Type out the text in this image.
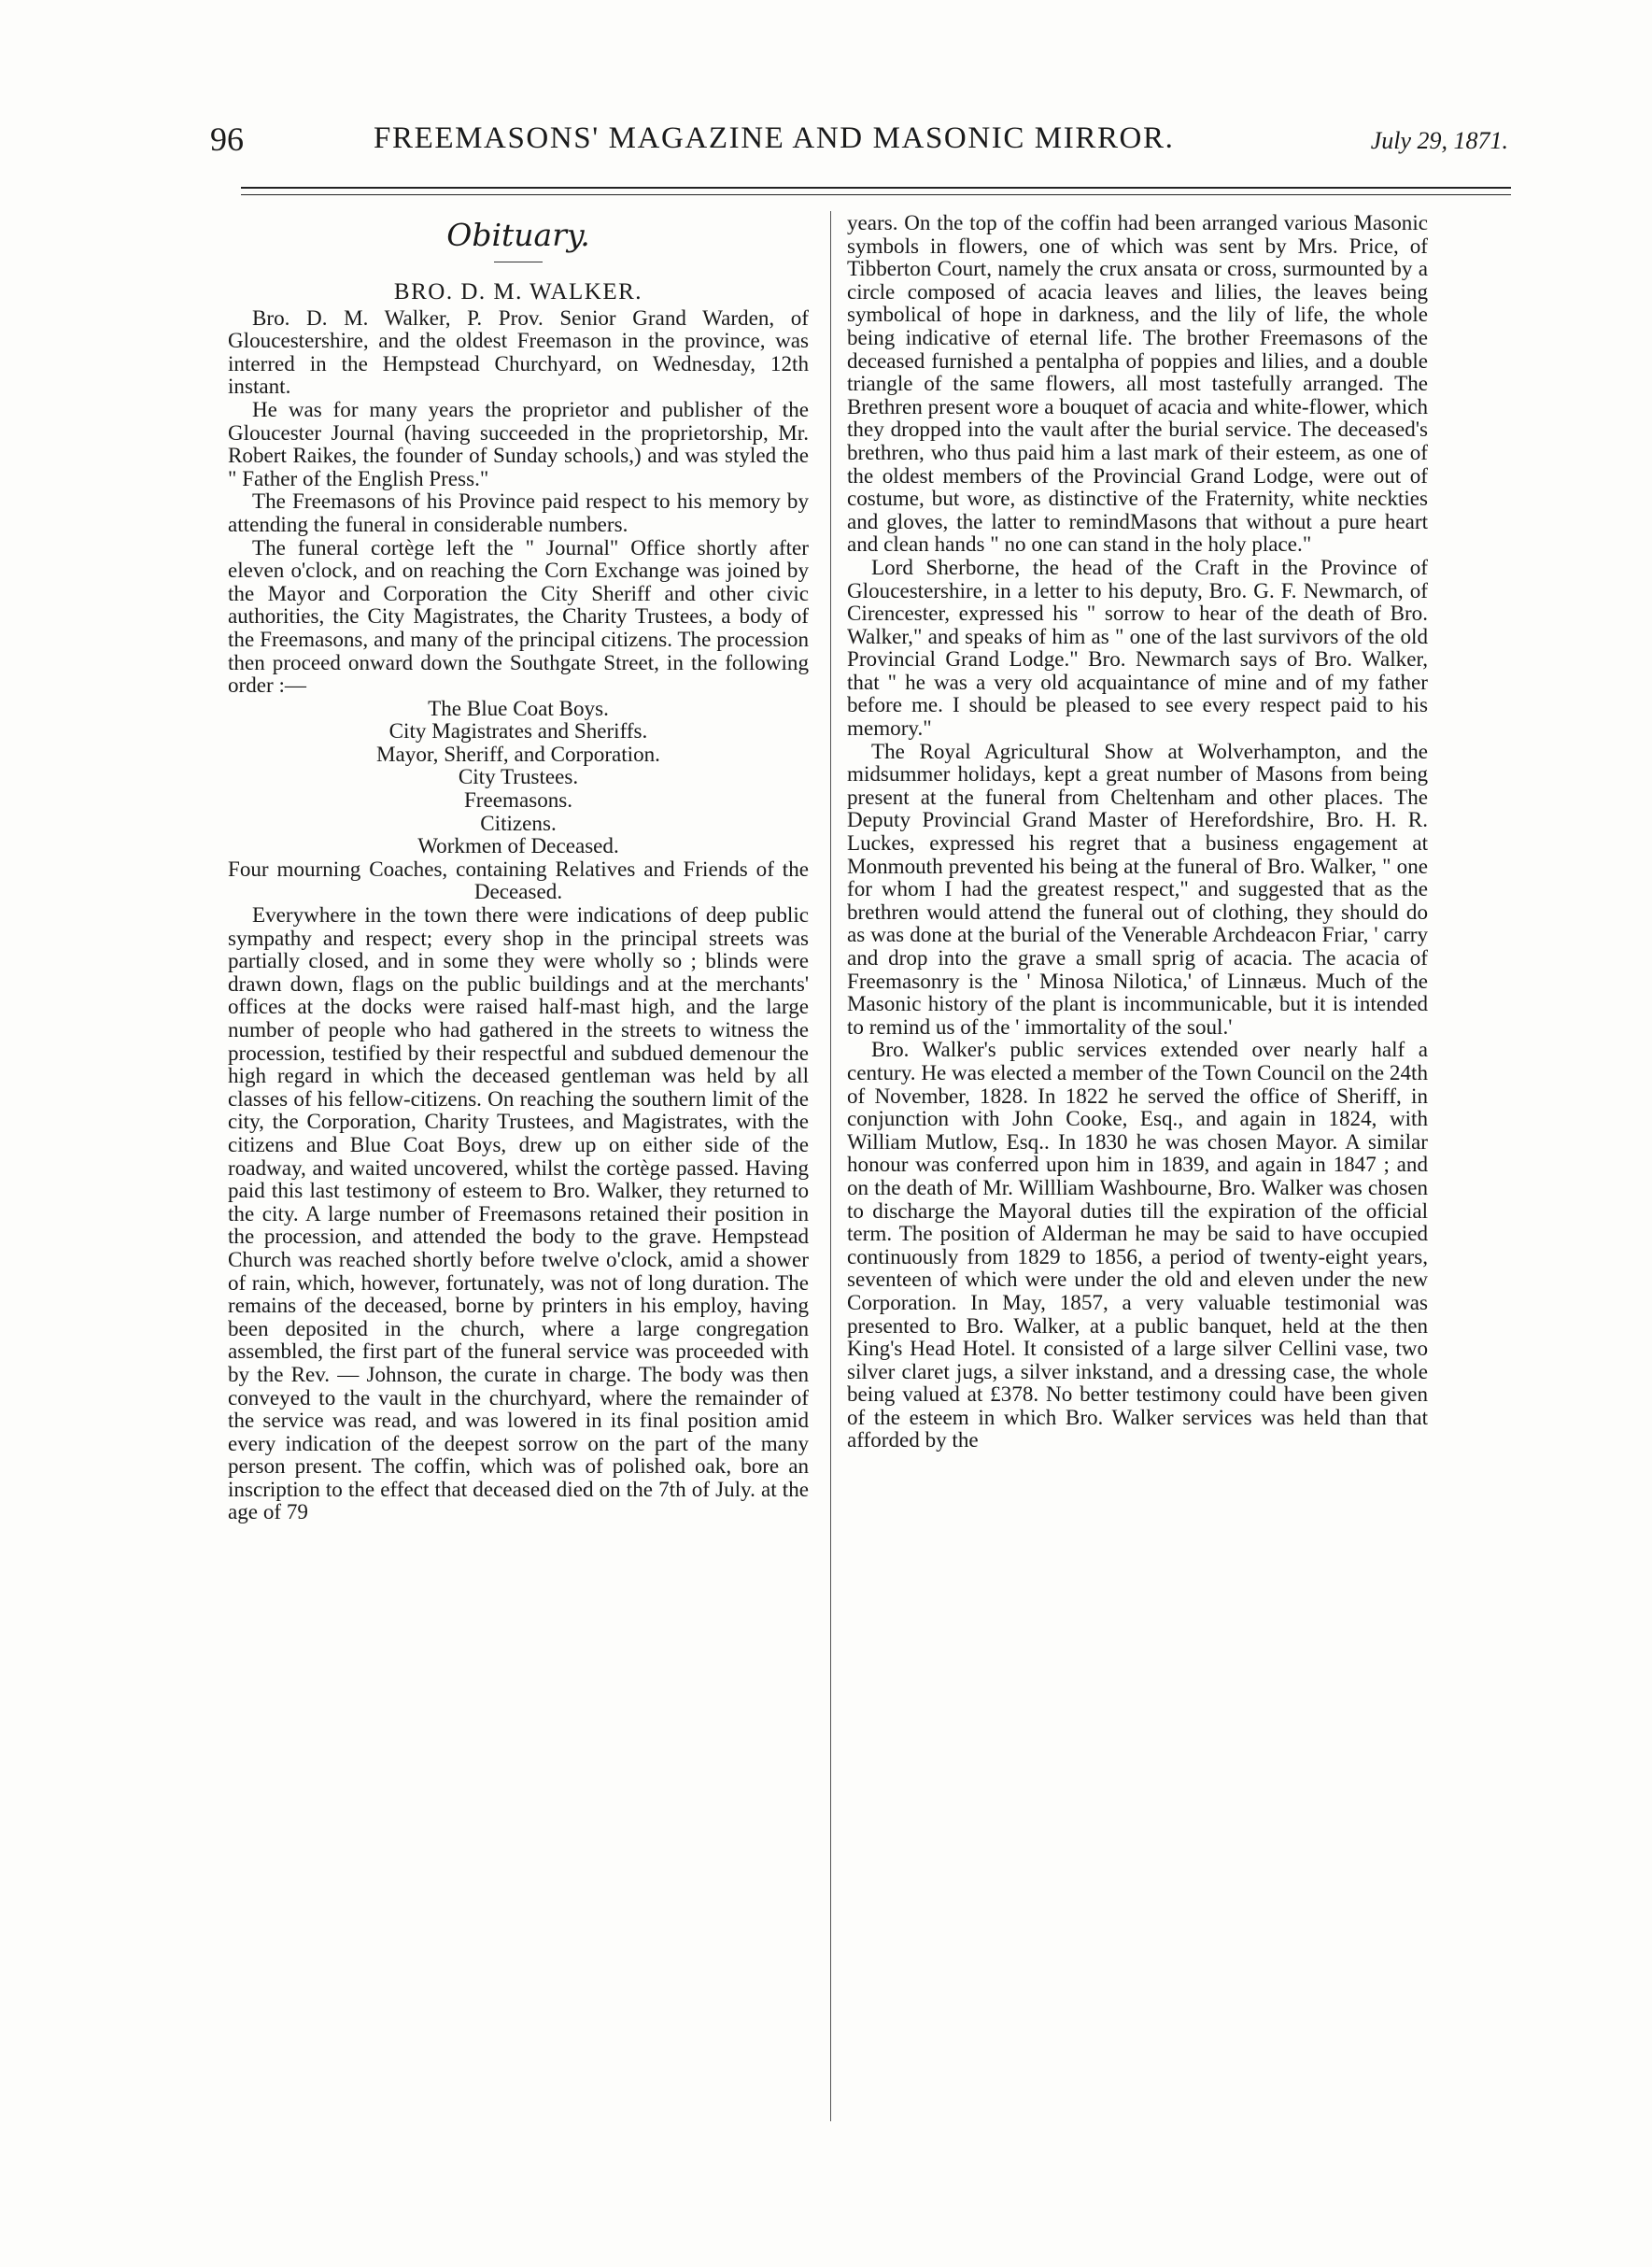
96	FREEMASONS' MAGAZINE AND MASONIC MIRROR.	July 29, 1871.
Obituary.
BRO. D. M. WALKER.

Bro. D. M. Walker, P. Prov. Senior Grand Warden, of Gloucestershire, and the oldest Freemason in the province, was interred in the Hempstead Churchyard, on Wednesday, 12th instant.

He was for many years the proprietor and publisher of the Gloucester Journal (having succeeded in the proprietorship, Mr. Robert Raikes, the founder of Sunday schools,) and was styled the " Father of the English Press."

The Freemasons of his Province paid respect to his memory by attending the funeral in considerable numbers.

The funeral cortège left the " Journal" Office shortly after eleven o'clock, and on reaching the Corn Exchange was joined by the Mayor and Corporation the City Sheriff and other civic authorities, the City Magistrates, the Charity Trustees, a body of the Freemasons, and many of the principal citizens. The procession then proceed onward down the Southgate Street, in the following order :—

The Blue Coat Boys.
City Magistrates and Sheriffs.
Mayor, Sheriff, and Corporation.
City Trustees.
Freemasons.
Citizens.
Workmen of Deceased.
Four mourning Coaches, containing Relatives and Friends of the Deceased.

Everywhere in the town there were indications of deep public sympathy and respect; every shop in the principal streets was partially closed, and in some they were wholly so ; blinds were drawn down, flags on the public buildings and at the merchants' offices at the docks were raised half-mast high, and the large number of people who had gathered in the streets to witness the procession, testified by their respectful and subdued demenour the high regard in which the deceased gentleman was held by all classes of his fellow-citizens. On reaching the southern limit of the city, the Corporation, Charity Trustees, and Magistrates, with the citizens and Blue Coat Boys, drew up on either side of the roadway, and waited uncovered, whilst the cortège passed. Having paid this last testimony of esteem to Bro. Walker, they returned to the city. A large number of Freemasons retained their position in the procession, and attended the body to the grave. Hempstead Church was reached shortly before twelve o'clock, amid a shower of rain, which, however, fortunately, was not of long duration. The remains of the deceased, borne by printers in his employ, having been deposited in the church, where a large congregation assembled, the first part of the funeral service was proceeded with by the Rev. — Johnson, the curate in charge. The body was then conveyed to the vault in the churchyard, where the remainder of the service was read, and was lowered in its final position amid every indication of the deepest sorrow on the part of the many person present. The coffin, which was of polished oak, bore an inscription to the effect that deceased died on the 7th of July. at the age of 79

years. On the top of the coffin had been arranged various Masonic symbols in flowers, one of which was sent by Mrs. Price, of Tibberton Court, namely the crux ansata or cross, surmounted by a circle composed of acacia leaves and lilies, the leaves being symbolical of hope in darkness, and the lily of life, the whole being indicative of eternal life. The brother Freemasons of the deceased furnished a pentalpha of poppies and lilies, and a double triangle of the same flowers, all most tastefully arranged. The Brethren present wore a bouquet of acacia and white-flower, which they dropped into the vault after the burial service. The deceased's brethren, who thus paid him a last mark of their esteem, as one of the oldest members of the Provincial Grand Lodge, were out of costume, but wore, as distinctive of the Fraternity, white neckties and gloves, the latter to remindMasons that without a pure heart and clean hands " no one can stand in the holy place."

Lord Sherborne, the head of the Craft in the Province of Gloucestershire, in a letter to his deputy, Bro. G. F. Newmarch, of Cirencester, expressed his " sorrow to hear of the death of Bro. Walker," and speaks of him as " one of the last survivors of the old Provincial Grand Lodge." Bro. Newmarch says of Bro. Walker, that " he was a very old acquaintance of mine and of my father before me. I should be pleased to see every respect paid to his memory."

The Royal Agricultural Show at Wolverhampton, and the midsummer holidays, kept a great number of Masons from being present at the funeral from Cheltenham and other places. The Deputy Provincial Grand Master of Herefordshire, Bro. H. R. Luckes, expressed his regret that a business engagement at Monmouth prevented his being at the funeral of Bro. Walker, " one for whom I had the greatest respect," and suggested that as the brethren would attend the funeral out of clothing, they should do as was done at the burial of the Venerable Archdeacon Friar, ' carry and drop into the grave a small sprig of acacia. The acacia of Freemasonry is the ' Minosa Nilotica,' of Linnæus. Much of the Masonic history of the plant is incommunicable, but it is intended to remind us of the ' immortality of the soul.'

Bro. Walker's public services extended over nearly half a century. He was elected a member of the Town Council on the 24th of November, 1828. In 1822 he served the office of Sheriff, in conjunction with John Cooke, Esq., and again in 1824, with William Mutlow, Esq.. In 1830 he was chosen Mayor. A similar honour was conferred upon him in 1839, and again in 1847 ; and on the death of Mr. Willliam Washbourne, Bro. Walker was chosen to discharge the Mayoral duties till the expiration of the official term. The position of Alderman he may be said to have occupied continuously from 1829 to 1856, a period of twenty-eight years, seventeen of which were under the old and eleven under the new Corporation. In May, 1857, a very valuable testimonial was presented to Bro. Walker, at a public banquet, held at the then King's Head Hotel. It consisted of a large silver Cellini vase, two silver claret jugs, a silver inkstand, and a dressing case, the whole being valued at £378. No better testimony could have been given of the esteem in which Bro. Walker services was held than that afforded by the
